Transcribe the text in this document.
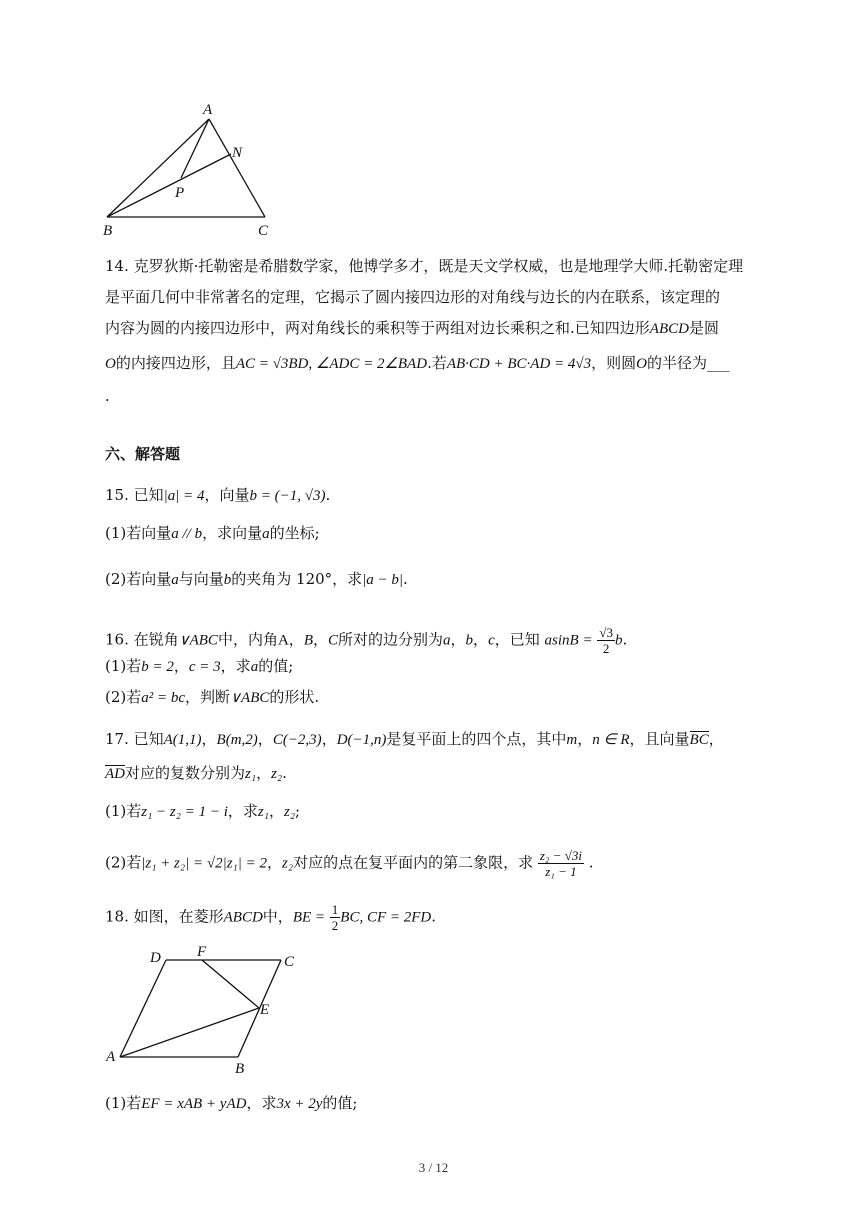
A
N
P
B	C
14. 克罗狄斯·托勒密是希腊数学家，他博学多才，既是天文学权威，也是地理学大师.托勒密定理
是平面几何中非常著名的定理，它揭示了圆内接四边形的对角线与边长的内在联系，该定理的
内容为圆的内接四边形中，两对角线长的乘积等于两组对边长乘积之和.已知四边形ABCD是圆
O的内接四边形，且AC = √3BD, ∠ADC = 2∠BAD.若AB·CD + BC·AD = 4√3，则圆O的半径为___
.
六、解答题
15. 已知|a| = 4，向量b = (−1, √3).
(1)若向量a // b，求向量a的坐标;
(2)若向量a与向量b的夹角为 120°，求|a − b|.
16. 在锐角∨ABC中，内角A，B，C所对的边分别为a，b，c，已知 $asinB = \frac{√3}{2} b$.
(1)若b = 2，c = 3，求a的值;
(2)若a² = bc，判断∨ABC的形状.
17. 已知A(1,1)，B(m,2)，C(−2,3)，D(−1,n)是复平面上的四个点，其中m，n ∈ R，且向量BC，
AD对应的复数分别为z₁，z₂.
(1)若z₁ − z₂ = 1 − i，求z₁，z₂;
(2)若|z₁ + z₂| = √2|z₁| = 2，z₂对应的点在复平面内的第二象限，求 $\frac{\text{z₂ − √3i}}{\text{z₁ − 1}}$ .
18. 如图，在菱形ABCD中，BE = $\frac{1}{2}$ BC, CF = 2FD.
D F
C
E
A
B
(1)若EF = xAB + yAD，求3x + 2y的值;
3 / 12
